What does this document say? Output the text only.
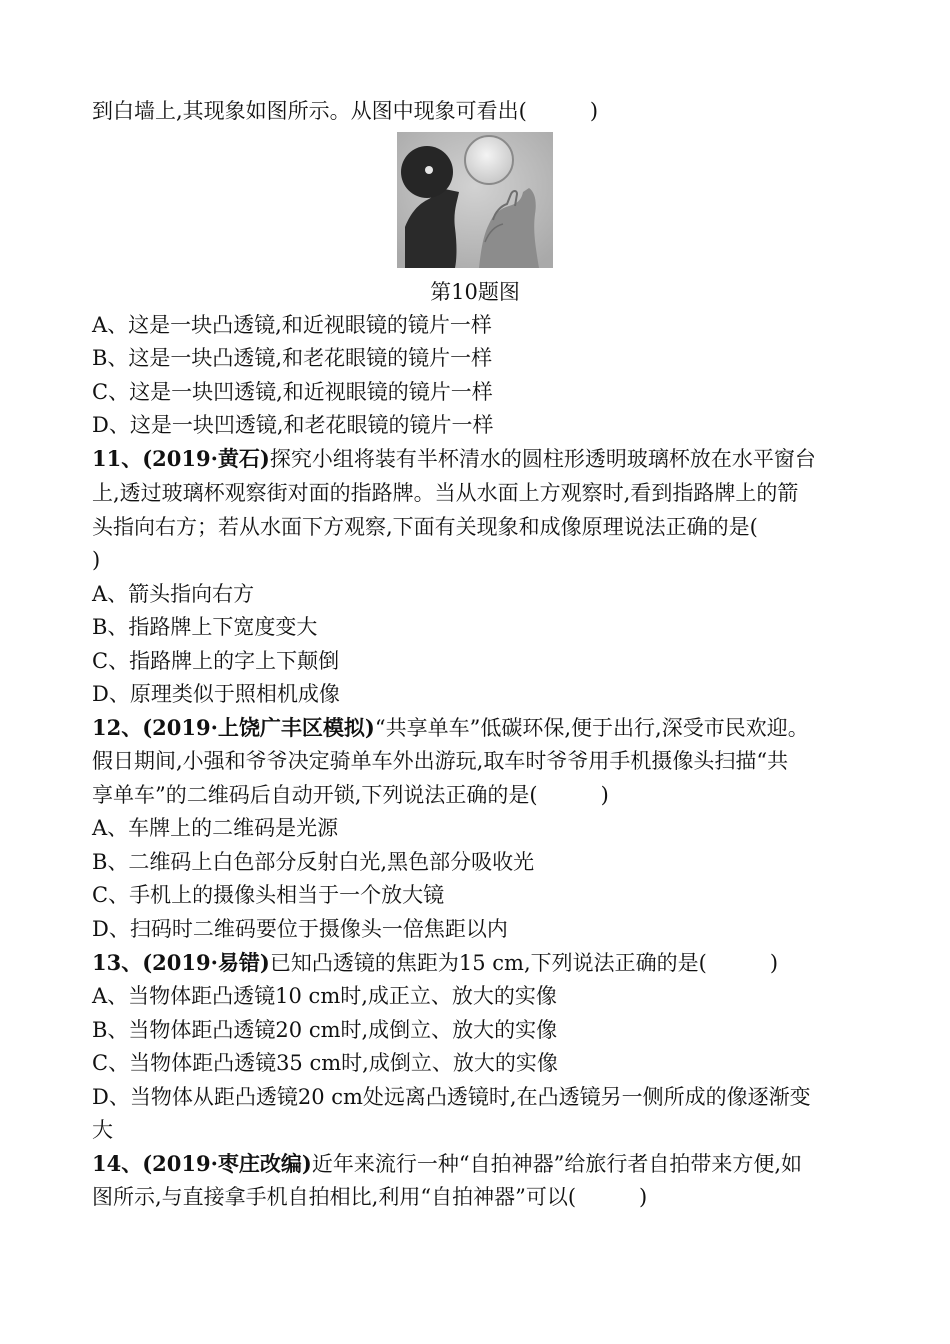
到白墙上,其现象如图所示。从图中现象可看出(　　　)
第10题图
A、这是一块凸透镜,和近视眼镜的镜片一样
B、这是一块凸透镜,和老花眼镜的镜片一样
C、这是一块凹透镜,和近视眼镜的镜片一样
D、这是一块凹透镜,和老花眼镜的镜片一样
11、(2019·黄石)探究小组将装有半杯清水的圆柱形透明玻璃杯放在水平窗台
上,透过玻璃杯观察街对面的指路牌。当从水面上方观察时,看到指路牌上的箭
头指向右方；若从水面下方观察,下面有关现象和成像原理说法正确的是(
)
A、箭头指向右方
B、指路牌上下宽度变大
C、指路牌上的字上下颠倒
D、原理类似于照相机成像
12、(2019·上饶广丰区模拟)“共享单车”低碳环保,便于出行,深受市民欢迎。
假日期间,小强和爷爷决定骑单车外出游玩,取车时爷爷用手机摄像头扫描“共
享单车”的二维码后自动开锁,下列说法正确的是(　　　)
A、车牌上的二维码是光源
B、二维码上白色部分反射白光,黑色部分吸收光
C、手机上的摄像头相当于一个放大镜
D、扫码时二维码要位于摄像头一倍焦距以内
13、(2019·易错)已知凸透镜的焦距为15 cm,下列说法正确的是(　　　)
A、当物体距凸透镜10 cm时,成正立、放大的实像
B、当物体距凸透镜20 cm时,成倒立、放大的实像
C、当物体距凸透镜35 cm时,成倒立、放大的实像
D、当物体从距凸透镜20 cm处远离凸透镜时,在凸透镜另一侧所成的像逐渐变
大
14、(2019·枣庄改编)近年来流行一种“自拍神器”给旅行者自拍带来方便,如
图所示,与直接拿手机自拍相比,利用“自拍神器”可以(　　　)
